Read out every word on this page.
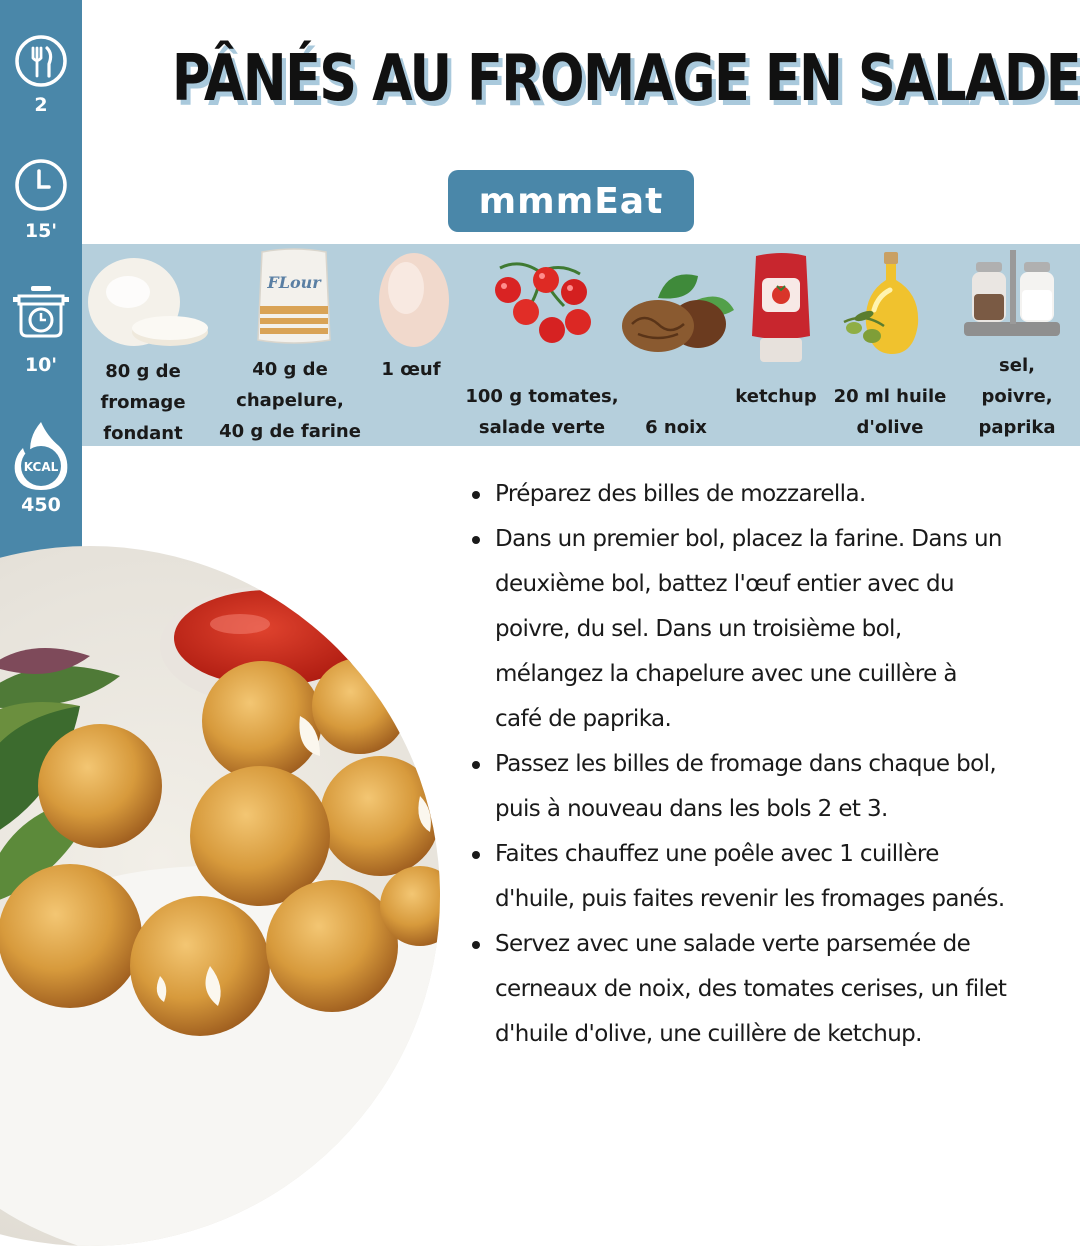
2
15'
10'
KCAL
450
PÂNÉS AU FROMAGE EN SALADE
mmmEat
80 g de
fromage
fondant
FLour
40 g de
chapelure,
40 g de farine
1 œuf
100 g tomates,
salade verte	6 noix
ketchup 20 ml huile
d'olive
sel,
poivre,
paprika
Préparez des billes de mozzarella.
Dans un premier bol, placez la farine. Dans un
deuxième bol, battez l'œuf entier avec du
poivre, du sel. Dans un troisième bol,
mélangez la chapelure avec une cuillère à
café de paprika.
Passez les billes de fromage dans chaque bol,
puis à nouveau dans les bols 2 et 3.
Faites chauffez une poêle avec 1 cuillère
d'huile, puis faites revenir les fromages panés.
Servez avec une salade verte parsemée de
cerneaux de noix, des tomates cerises, un filet
d'huile d'olive, une cuillère de ketchup.
